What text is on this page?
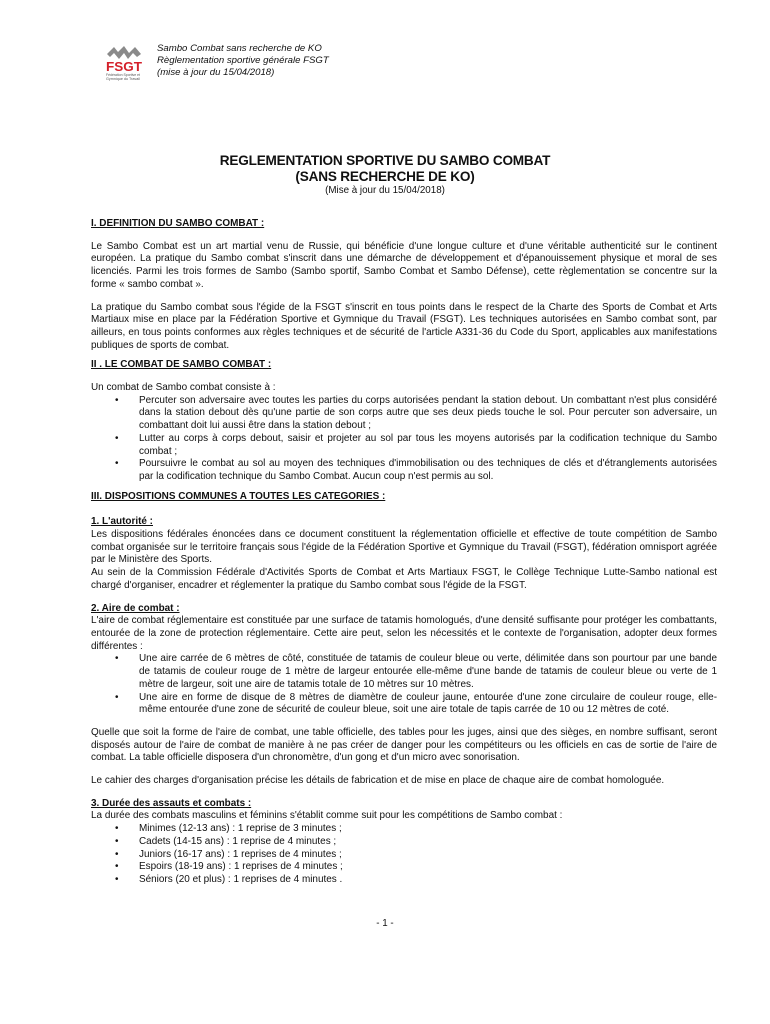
FSGT
Fédération Sportive et
Gymnique du Travail
Sambo Combat sans recherche de KO
Règlementation sportive générale FSGT
(mise à jour du 15/04/2018)
REGLEMENTATION SPORTIVE DU SAMBO COMBAT
(SANS RECHERCHE DE KO)
(Mise à jour du 15/04/2018)

I. DEFINITION DU SAMBO COMBAT :

Le Sambo Combat est un art martial venu de Russie, qui bénéficie d'une longue culture et d'une véritable authenticité sur le continent européen. La pratique du Sambo combat s'inscrit dans une démarche de développement et d'épanouissement physique et moral de ses licenciés. Parmi les trois formes de Sambo (Sambo sportif, Sambo Combat et Sambo Défense), cette règlementation se concentre sur la forme « sambo combat ».

La pratique du Sambo combat sous l'égide de la FSGT s'inscrit en tous points dans le respect de la Charte des Sports de Combat et Arts Martiaux mise en place par la Fédération Sportive et Gymnique du Travail (FSGT). Les techniques autorisées en Sambo combat sont, par ailleurs, en tous points conformes aux règles techniques et de sécurité de l'article A331-36 du Code du Sport, applicables aux manifestations publiques de sports de combat.

II . LE COMBAT DE SAMBO COMBAT :

Un combat de Sambo combat consiste à :

• Percuter son adversaire avec toutes les parties du corps autorisées pendant la station debout. Un combattant n'est plus considéré dans la station debout dès qu'une partie de son corps autre que ses deux pieds touche le sol. Pour percuter son adversaire, un combattant doit lui aussi être dans la station debout ;
• Lutter au corps à corps debout, saisir et projeter au sol par tous les moyens autorisés par la codification technique du Sambo combat ;
• Poursuivre le combat au sol au moyen des techniques d'immobilisation ou des techniques de clés et d'étranglements autorisées par la codification technique du Sambo Combat. Aucun coup n'est permis au sol.

III. DISPOSITIONS COMMUNES A TOUTES LES CATEGORIES :

1. L'autorité :

Les dispositions fédérales énoncées dans ce document constituent la réglementation officielle et effective de toute compétition de Sambo combat organisée sur le territoire français sous l'égide de la Fédération Sportive et Gymnique du Travail (FSGT), fédération omnisport agréée par le Ministère des Sports.

Au sein de la Commission Fédérale d'Activités Sports de Combat et Arts Martiaux FSGT, le Collège Technique Lutte-Sambo national est chargé d'organiser, encadrer et réglementer la pratique du Sambo combat sous l'égide de la FSGT.

2. Aire de combat :

L'aire de combat réglementaire est constituée par une surface de tatamis homologués, d'une densité suffisante pour protéger les combattants, entourée de la zone de protection réglementaire. Cette aire peut, selon les nécessités et le contexte de l'organisation, adopter deux formes différentes :

• Une aire carrée de 6 mètres de côté, constituée de tatamis de couleur bleue ou verte, délimitée dans son pourtour par une bande de tatamis de couleur rouge de 1 mètre de largeur entourée elle-même d'une bande de tatamis de couleur bleue ou verte de 1 mètre de largeur, soit une aire de tatamis totale de 10 mètres sur 10 mètres.
• Une aire en forme de disque de 8 mètres de diamètre de couleur jaune, entourée d'une zone circulaire de couleur rouge, elle-même entourée d'une zone de sécurité de couleur bleue, soit une aire totale de tapis carrée de 10 ou 12 mètres de coté.

Quelle que soit la forme de l'aire de combat, une table officielle, des tables pour les juges, ainsi que des sièges, en nombre suffisant, seront disposés autour de l'aire de combat de manière à ne pas créer de danger pour les compétiteurs ou les officiels en cas de sortie de l'aire de combat. La table officielle disposera d'un chronomètre, d'un gong et d'un micro avec sonorisation.

Le cahier des charges d'organisation précise les détails de fabrication et de mise en place de chaque aire de combat homologuée.

3. Durée des assauts et combats :

La durée des combats masculins et féminins s'établit comme suit pour les compétitions de Sambo combat :

• Minimes (12-13 ans) : 1 reprise de 3 minutes ;
• Cadets (14-15 ans) : 1 reprise de 4 minutes ;
• Juniors (16-17 ans) : 1 reprises de 4 minutes ;
• Espoirs (18-19 ans) : 1 reprises de 4 minutes ;
• Séniors (20 et plus) : 1 reprises de 4 minutes .
- 1 -
